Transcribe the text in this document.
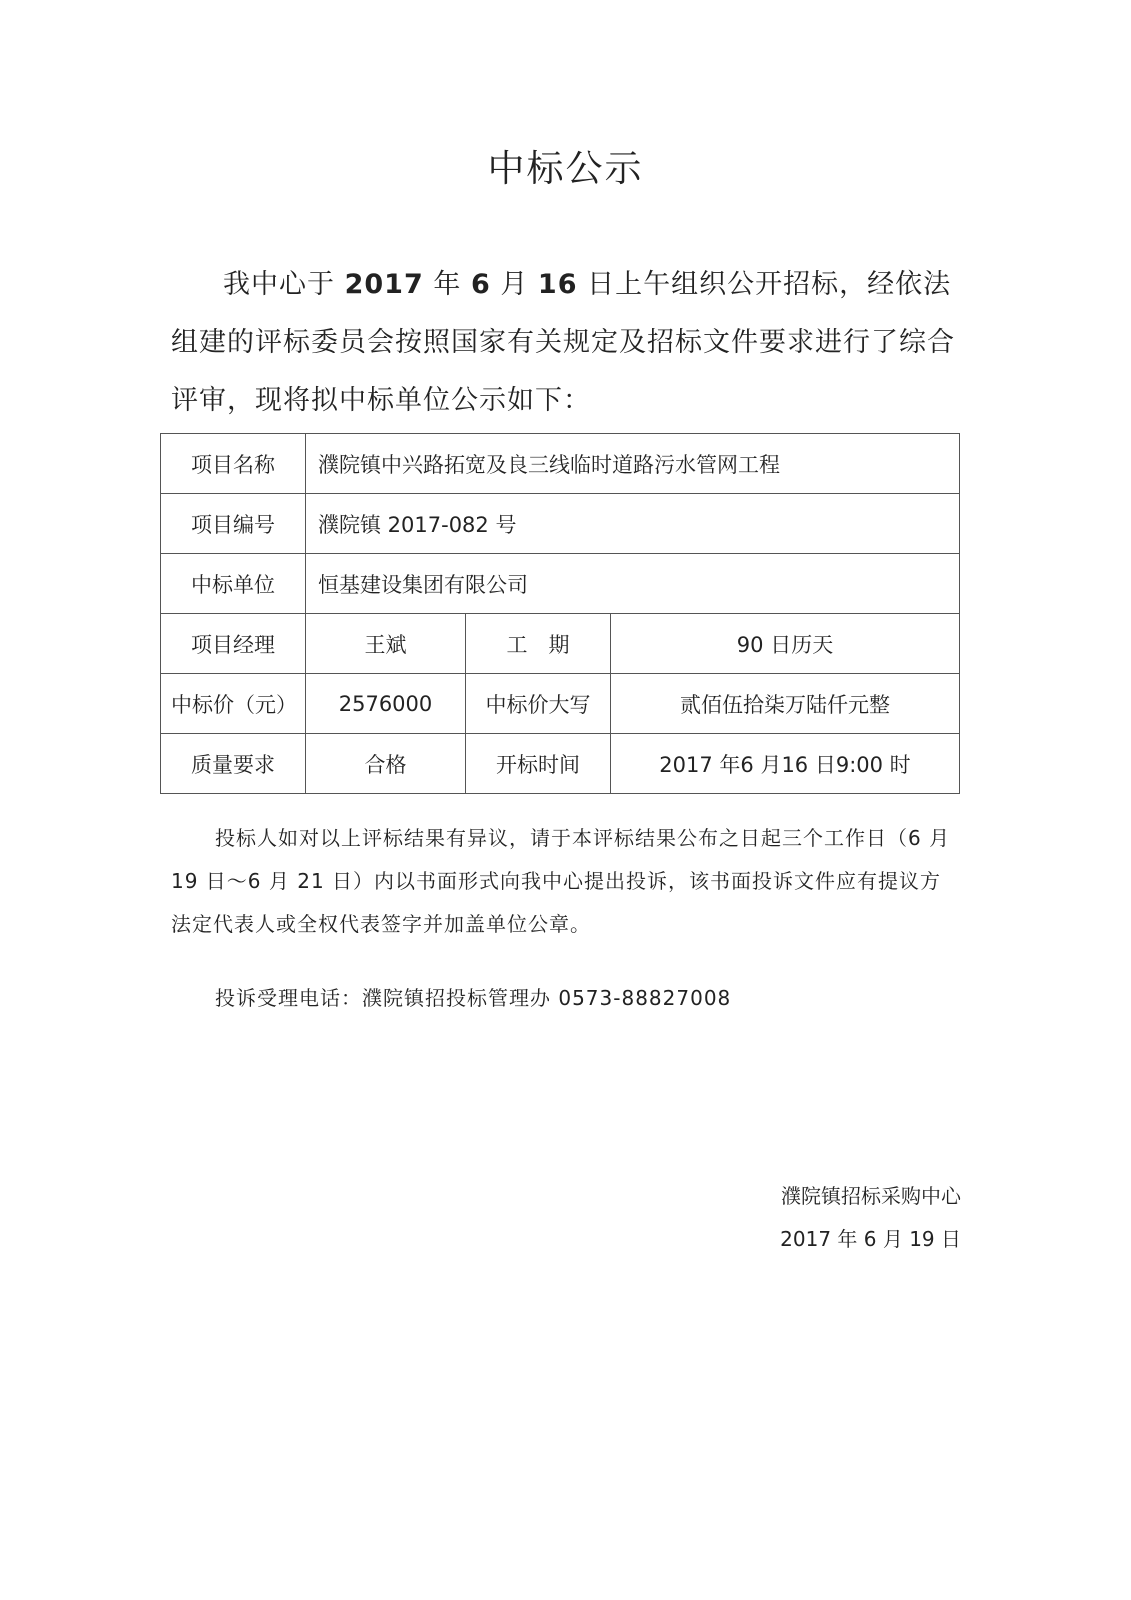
中标公示
我中心于 2017 年 6 月 16 日上午组织公开招标，经依法组建的评标委员会按照国家有关规定及招标文件要求进行了综合评审，现将拟中标单位公示如下：
项目名称	濮院镇中兴路拓宽及良三线临时道路污水管网工程		
项目编号	濮院镇 2017-082 号		
中标单位	恒基建设集团有限公司		
项目经理	王斌	工　期	90 日历天
中标价（元）	2576000	中标价大写	贰佰伍拾柒万陆仟元整
质量要求	合格	开标时间	2017 年6 月16 日9:00 时
投标人如对以上评标结果有异议，请于本评标结果公布之日起三个工作日（6 月 19 日～6 月 21 日）内以书面形式向我中心提出投诉，该书面投诉文件应有提议方法定代表人或全权代表签字并加盖单位公章。
投诉受理电话：濮院镇招投标管理办 0573-88827008
濮院镇招标采购中心
2017 年 6 月 19 日
